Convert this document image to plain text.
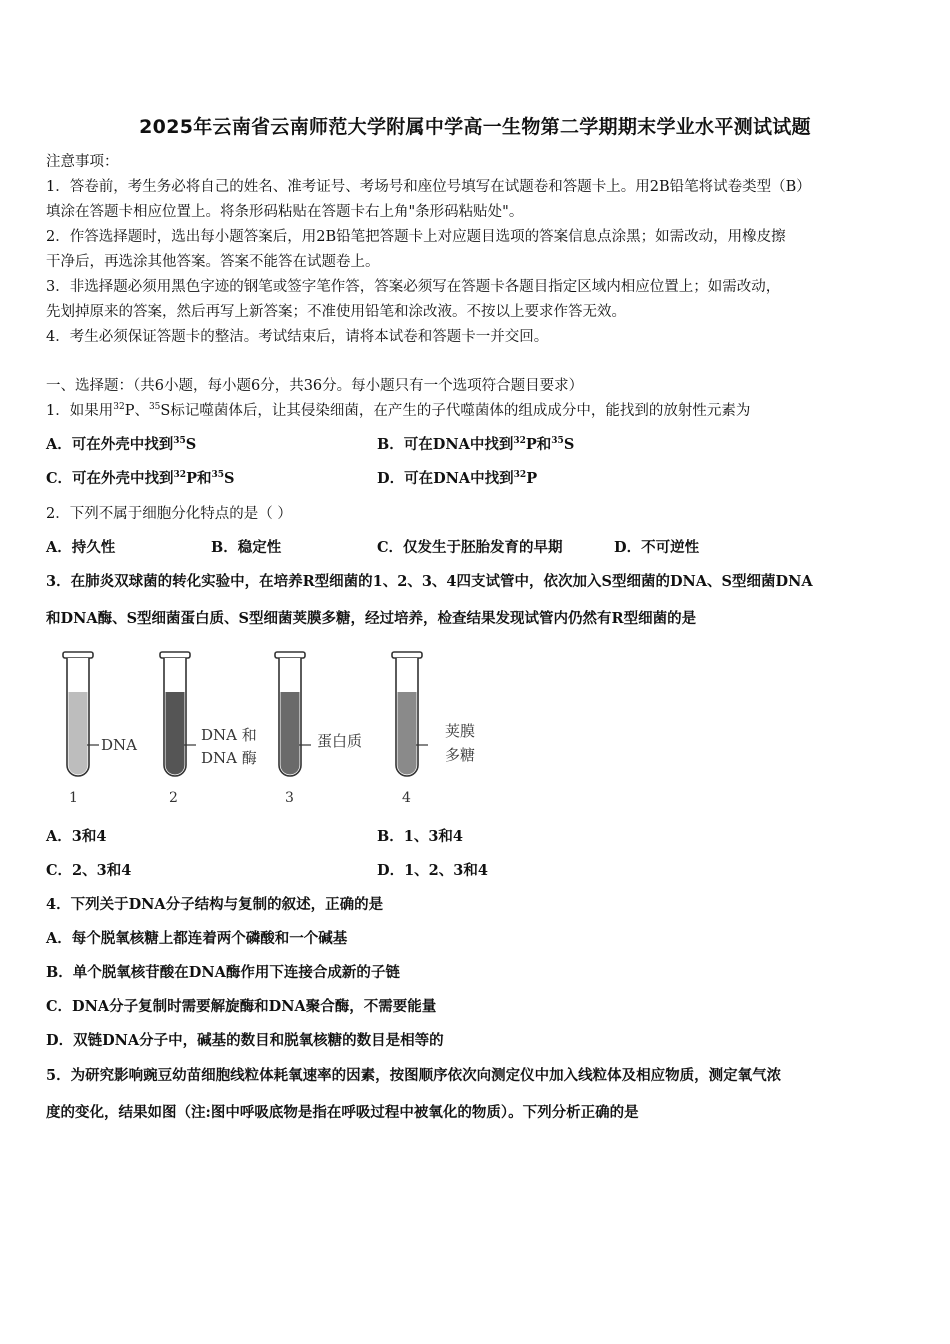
2025年云南省云南师范大学附属中学高一生物第二学期期末学业水平测试试题
注意事项：
1．答卷前，考生务必将自己的姓名、准考证号、考场号和座位号填写在试题卷和答题卡上。用2B铅笔将试卷类型（B）
填涂在答题卡相应位置上。将条形码粘贴在答题卡右上角"条形码粘贴处"。
2．作答选择题时，选出每小题答案后，用2B铅笔把答题卡上对应题目选项的答案信息点涂黑；如需改动，用橡皮擦
干净后，再选涂其他答案。答案不能答在试题卷上。
3．非选择题必须用黑色字迹的钢笔或签字笔作答，答案必须写在答题卡各题目指定区域内相应位置上；如需改动，
先划掉原来的答案，然后再写上新答案；不准使用铅笔和涂改液。不按以上要求作答无效。
4．考生必须保证答题卡的整洁。考试结束后，请将本试卷和答题卡一并交回。
一、选择题：（共6小题，每小题6分，共36分。每小题只有一个选项符合题目要求）
1．如果用$^{32}$P、$^{35}$S标记噬菌体后，让其侵染细菌，在产生的子代噬菌体的组成成分中，能找到的放射性元素为
A．可在外壳中找到$^{35}$S	B．可在DNA中找到$^{32}$P和$^{35}$S
C．可在外壳中找到$^{32}$P和$^{35}$S	D．可在DNA中找到$^{32}$P
2．下列不属于细胞分化特点的是（ ）
A．持久性	B．稳定性	C．仅发生于胚胎发育的早期	D．不可逆性
3．在肺炎双球菌的转化实验中，在培养R型细菌的1、2、3、4四支试管中，依次加入S型细菌的DNA、S型细菌DNA
和DNA酶、S型细菌蛋白质、S型细菌荚膜多糖，经过培养，检查结果发现试管内仍然有R型细菌的是
DNA
1
DNA 和
DNA 酶
2
蛋白质
3
荚膜
多糖
4
A．3和4	B．1、3和4
C．2、3和4	D．1、2、3和4
4．下列关于DNA分子结构与复制的叙述，正确的是
A．每个脱氧核糖上都连着两个磷酸和一个碱基
B．单个脱氧核苷酸在DNA酶作用下连接合成新的子链
C．DNA分子复制时需要解旋酶和DNA聚合酶，不需要能量
D．双链DNA分子中，碱基的数目和脱氧核糖的数目是相等的
5．为研究影响豌豆幼苗细胞线粒体耗氧速率的因素，按图顺序依次向测定仪中加入线粒体及相应物质，测定氧气浓
度的变化，结果如图（注:图中呼吸底物是指在呼吸过程中被氧化的物质）。下列分析正确的是
